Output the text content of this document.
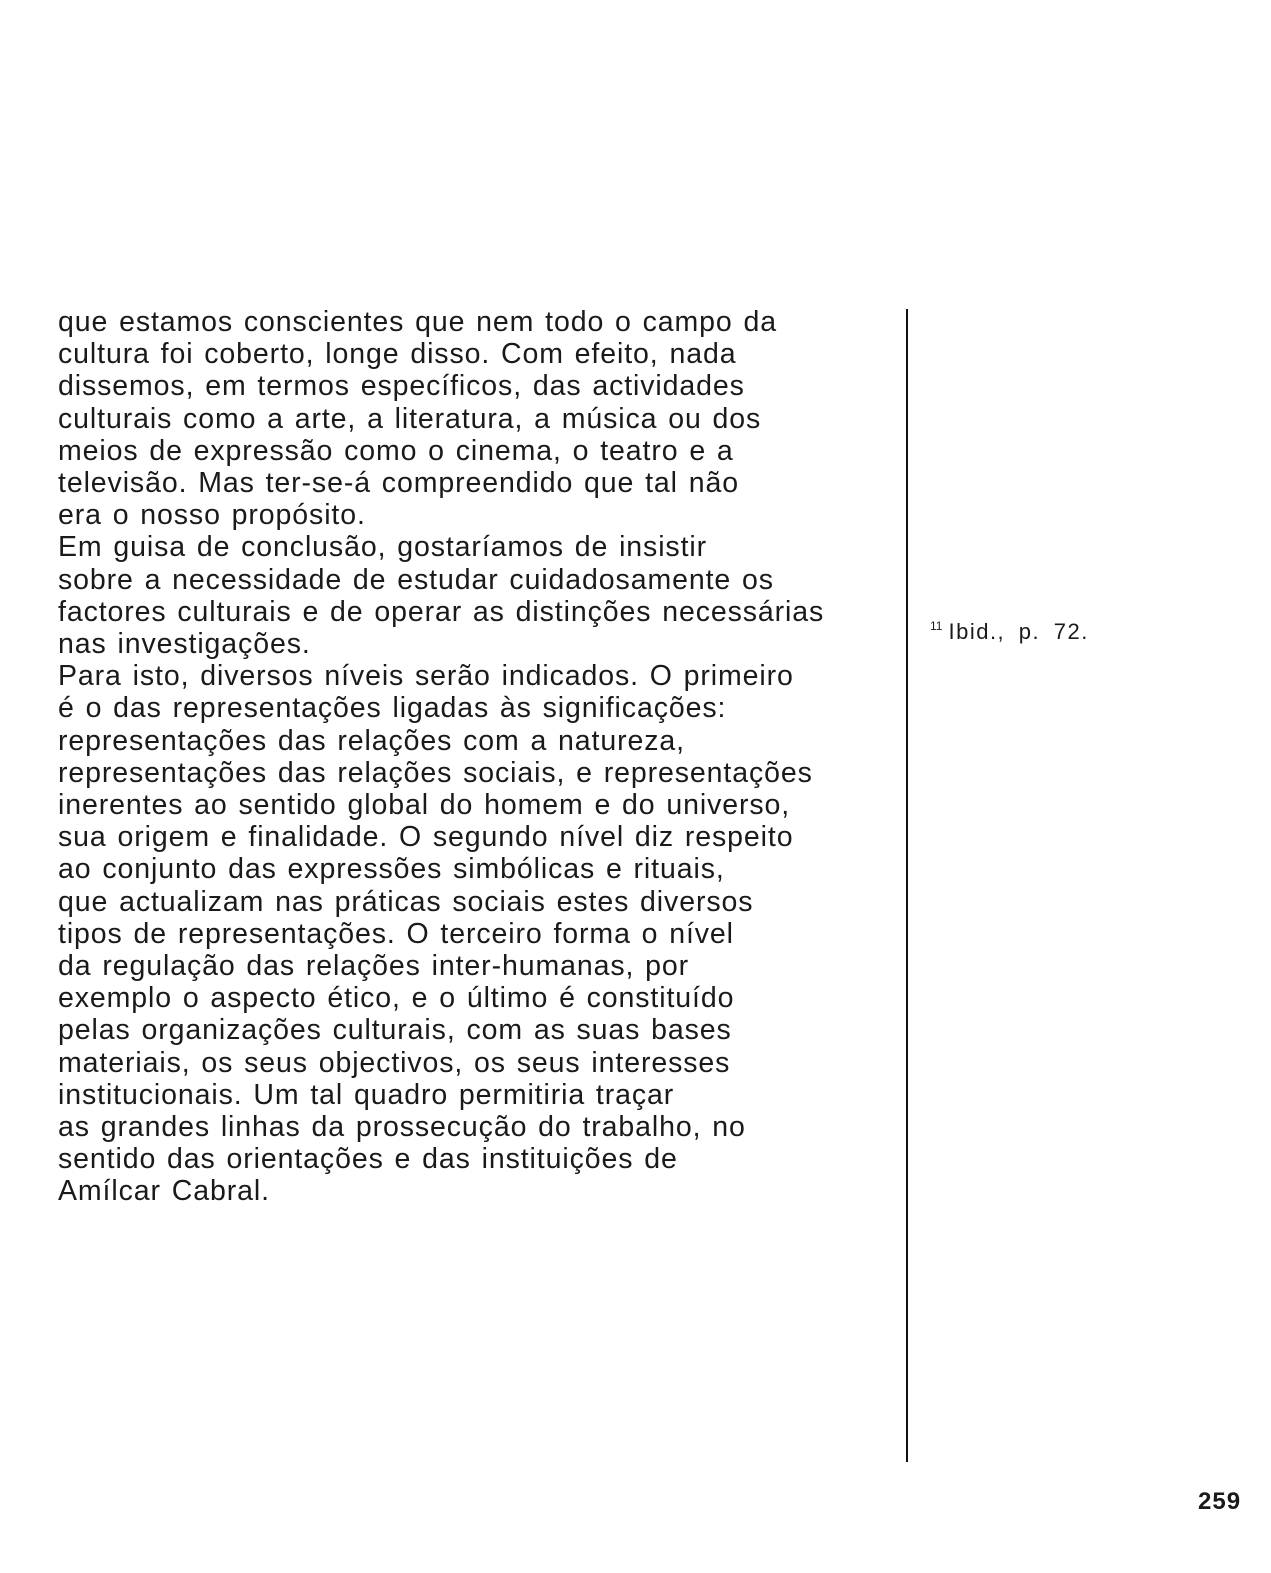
que estamos conscientes que nem todo o campo da
cultura foi coberto, longe disso. Com efeito, nada
dissemos, em termos específicos, das actividades
culturais como a arte, a literatura, a música ou dos
meios de expressão como o cinema, o teatro e a
televisão. Mas ter-se-á compreendido que tal não
era o nosso propósito.
Em guisa de conclusão, gostaríamos de insistir
sobre a necessidade de estudar cuidadosamente os
factores culturais e de operar as distinções necessárias
nas investigações.
Para isto, diversos níveis serão indicados. O primeiro
é o das representações ligadas às significações:
representações das relações com a natureza,
representações das relações sociais, e representações
inerentes ao sentido global do homem e do universo,
sua origem e finalidade. O segundo nível diz respeito
ao conjunto das expressões simbólicas e rituais,
que actualizam nas práticas sociais estes diversos
tipos de representações. O terceiro forma o nível
da regulação das relações inter-humanas, por
exemplo o aspecto ético, e o último é constituído
pelas organizações culturais, com as suas bases
materiais, os seus objectivos, os seus interesses
institucionais. Um tal quadro permitiria traçar
as grandes linhas da prossecução do trabalho, no
sentido das orientações e das instituições de
Amílcar Cabral.
$^{11}$ Ibid., p. 72.
259
